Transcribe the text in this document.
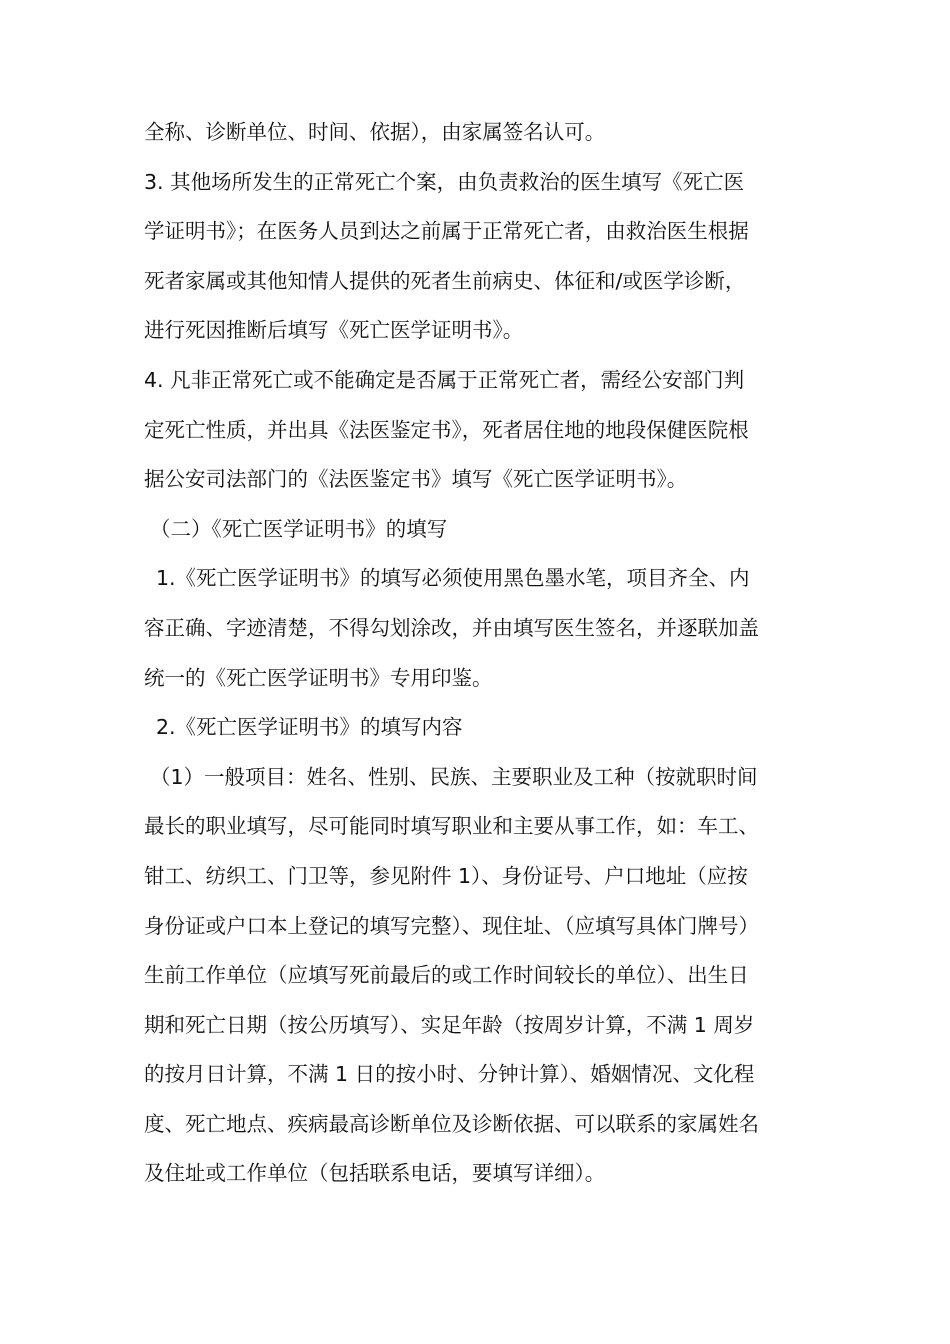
全称、诊断单位、时间、依据），由家属签名认可。
3. 其他场所发生的正常死亡个案，由负责救治的医生填写《死亡医
学证明书》；在医务人员到达之前属于正常死亡者，由救治医生根据
死者家属或其他知情人提供的死者生前病史、体征和/或医学诊断，
进行死因推断后填写《死亡医学证明书》。
4. 凡非正常死亡或不能确定是否属于正常死亡者，需经公安部门判
定死亡性质，并出具《法医鉴定书》，死者居住地的地段保健医院根
据公安司法部门的《法医鉴定书》填写《死亡医学证明书》。
（二）《死亡医学证明书》的填写
1.《死亡医学证明书》的填写必须使用黑色墨水笔，项目齐全、内
容正确、字迹清楚，不得勾划涂改，并由填写医生签名，并逐联加盖
统一的《死亡医学证明书》专用印鉴。
2.《死亡医学证明书》的填写内容
（1）一般项目：姓名、性别、民族、主要职业及工种（按就职时间
最长的职业填写，尽可能同时填写职业和主要从事工作，如：车工、
钳工、纺织工、门卫等，参见附件 1）、身份证号、户口地址（应按
身份证或户口本上登记的填写完整）、现住址、（应填写具体门牌号）
生前工作单位（应填写死前最后的或工作时间较长的单位）、出生日
期和死亡日期（按公历填写）、实足年龄（按周岁计算，不满 1 周岁
的按月日计算，不满 1 日的按小时、分钟计算）、婚姻情况、文化程
度、死亡地点、疾病最高诊断单位及诊断依据、可以联系的家属姓名
及住址或工作单位（包括联系电话，要填写详细）。
